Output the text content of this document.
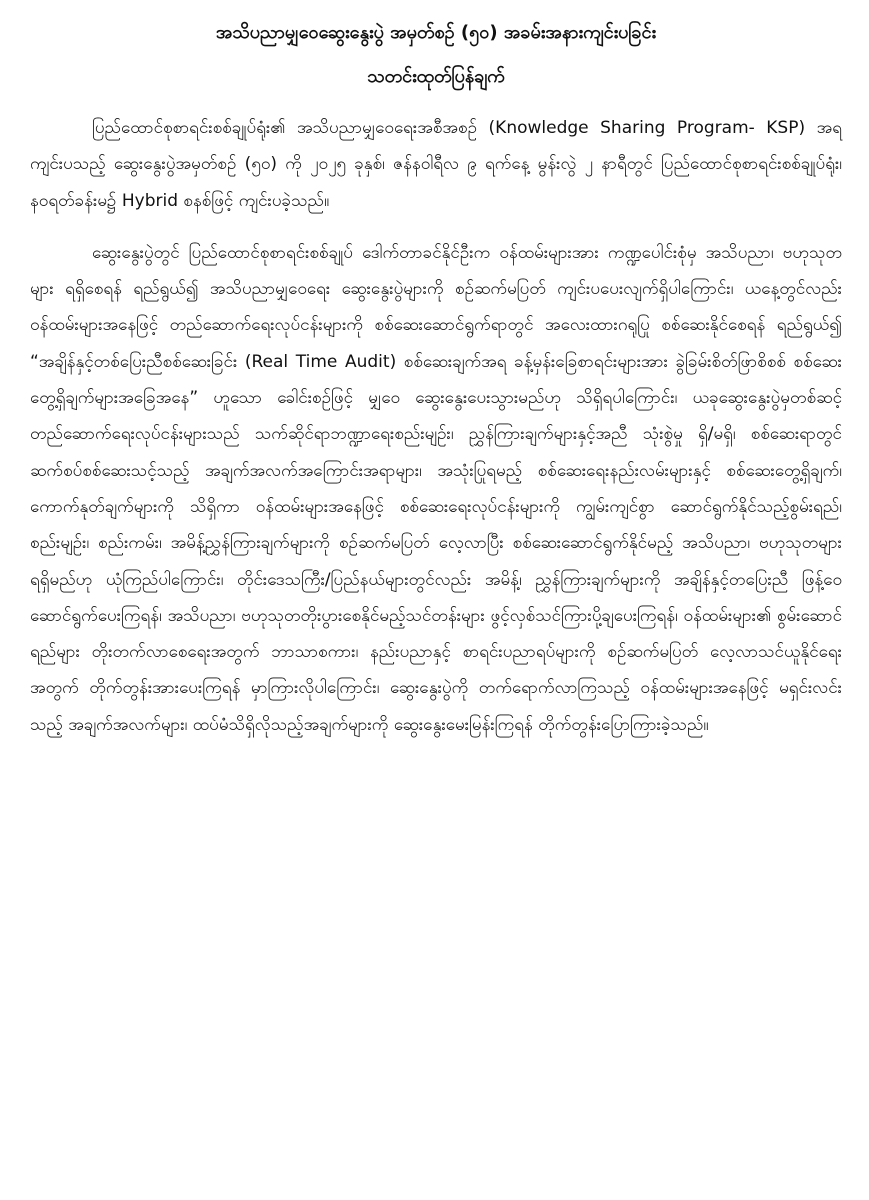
အသိပညာမျှဝေဆွေးနွေးပွဲ အမှတ်စဉ် (၅၀) အခမ်းအနားကျင်းပခြင်း
သတင်းထုတ်ပြန်ချက်

ပြည်ထောင်စုစာရင်းစစ်ချုပ်ရုံး၏ အသိပညာမျှဝေရေးအစီအစဉ် (Knowledge Sharing Program- KSP) အရ ကျင်းပသည့် ဆွေးနွေးပွဲအမှတ်စဉ် (၅၀) ကို ၂၀၂၅ ခုနှစ်၊ ဇန်နဝါရီလ ၉ ရက်နေ့ မွန်းလွဲ ၂ နာရီတွင် ပြည်ထောင်စုစာရင်းစစ်ချုပ်ရုံး၊ နဝရတ်ခန်းမ၌ Hybrid စနစ်ဖြင့် ကျင်းပခဲ့သည်။

ဆွေးနွေးပွဲတွင် ပြည်ထောင်စုစာရင်းစစ်ချုပ် ဒေါက်တာခင်နိုင်ဦးက ဝန်ထမ်းများအား ကဏ္ဍပေါင်းစုံမှ အသိပညာ၊ ဗဟုသုတများ ရရှိစေရန် ရည်ရွယ်၍ အသိပညာမျှဝေရေး ဆွေးနွေးပွဲများကို စဉ်ဆက်မပြတ် ကျင်းပပေးလျက်ရှိပါကြောင်း၊ ယနေ့တွင်လည်း ဝန်ထမ်းများအနေဖြင့် တည်ဆောက်ရေးလုပ်ငန်းများကို စစ်ဆေးဆောင်ရွက်ရာတွင် အလေးထားဂရုပြု စစ်ဆေးနိုင်စေရန် ရည်ရွယ်၍ “အချိန်နှင့်တစ်ပြေးညီစစ်ဆေးခြင်း (Real Time Audit) စစ်ဆေးချက်အရ ခန့်မှန်းခြေစာရင်းများအား ခွဲခြမ်းစိတ်ဖြာစိစစ် စစ်ဆေးတွေ့ရှိချက်များအခြေအနေ” ဟူသော ခေါင်းစဉ်ဖြင့် မျှဝေ ဆွေးနွေးပေးသွားမည်ဟု သိရှိရပါကြောင်း၊ ယခုဆွေးနွေးပွဲမှတစ်ဆင့် တည်ဆောက်ရေးလုပ်ငန်းများသည် သက်ဆိုင်ရာဘဏ္ဍာရေးစည်းမျဉ်း၊ ညွှန်ကြားချက်များနှင့်အညီ သုံးစွဲမှု ရှိ/မရှိ၊ စစ်ဆေးရာတွင် ဆက်စပ်စစ်ဆေးသင့်သည့် အချက်အလက်အကြောင်းအရာများ၊ အသုံးပြုရမည့် စစ်ဆေးရေးနည်းလမ်းများနှင့် စစ်ဆေးတွေ့ရှိချက်၊ ကောက်နုတ်ချက်များကို သိရှိကာ ဝန်ထမ်းများအနေဖြင့် စစ်ဆေးရေးလုပ်ငန်းများကို ကျွမ်းကျင်စွာ ဆောင်ရွက်နိုင်သည့်စွမ်းရည်၊ စည်းမျဉ်း၊ စည်းကမ်း၊ အမိန့်ညွှန်ကြားချက်များကို စဉ်ဆက်မပြတ် လေ့လာပြီး စစ်ဆေးဆောင်ရွက်နိုင်မည့် အသိပညာ၊ ဗဟုသုတများ ရရှိမည်ဟု ယုံကြည်ပါကြောင်း၊ တိုင်းဒေသကြီး/ပြည်နယ်များတွင်လည်း အမိန့်၊ ညွှန်ကြားချက်များကို အချိန်နှင့်တပြေးညီ ဖြန့်ဝေဆောင်ရွက်ပေးကြရန်၊ အသိပညာ၊ ဗဟုသုတတိုးပွားစေနိုင်မည့်သင်တန်းများ ဖွင့်လှစ်သင်ကြားပို့ချပေးကြရန်၊ ဝန်ထမ်းများ၏ စွမ်းဆောင်ရည်များ တိုးတက်လာစေရေးအတွက် ဘာသာစကား၊ နည်းပညာနှင့် စာရင်းပညာရပ်များကို စဉ်ဆက်မပြတ် လေ့လာသင်ယူနိုင်ရေးအတွက် တိုက်တွန်းအားပေးကြရန် မှာကြားလိုပါကြောင်း၊ ဆွေးနွေးပွဲကို တက်ရောက်လာကြသည့် ဝန်ထမ်းများအနေဖြင့် မရှင်းလင်းသည့် အချက်အလက်များ၊ ထပ်မံသိရှိလိုသည့်အချက်များကို ဆွေးနွေးမေးမြန်းကြရန် တိုက်တွန်းပြောကြားခဲ့သည်။
